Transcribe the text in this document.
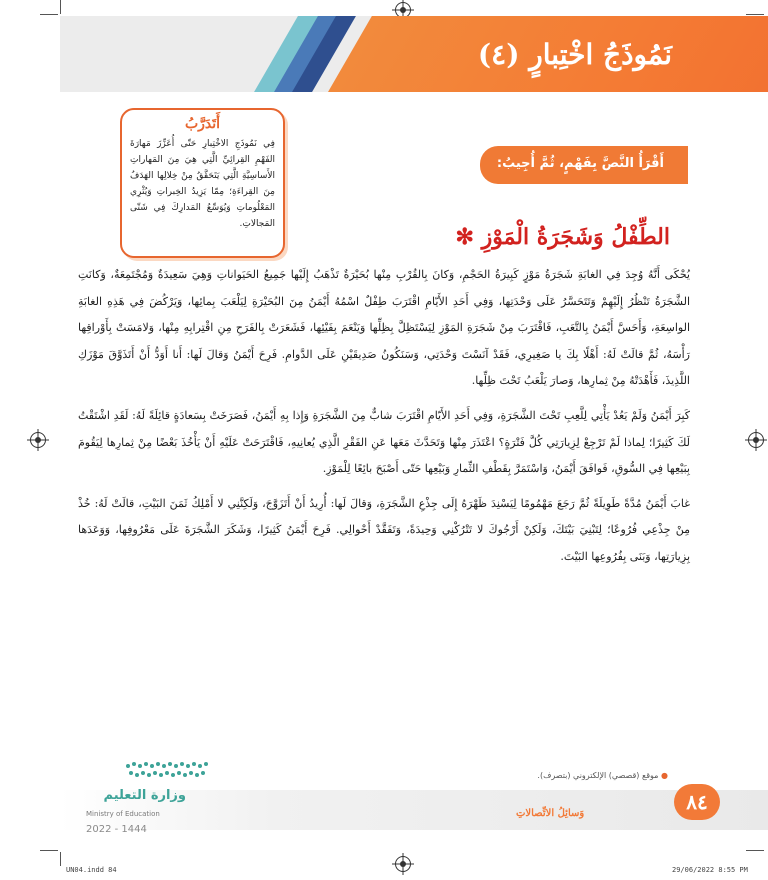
نَمُوذَجُ اخْتِبارٍ (٤)
أَتَدَرَّبُ

فِي نَمُوذَجِ الاخْتِبارِ حَتّى أُعَزِّزَ مَهارَةَ الفَهْمِ القِرائِيِّ الَّتِي هِيَ مِنَ المَهاراتِ الأَساسِيَّةِ الَّتِي يَتَحَقَّقُ مِنْ خِلالِها الهَدَفُ مِنَ القِراءَةِ؛ مِمّا يَزِيدُ الخِبراتِ وَيُثْرِي المَعْلُوماتِ وَيُوَسِّعُ المَدارِكَ فِي شَتّى المَجالاتِ.

أَقْرَأُ النَّصَّ بِفَهْمٍ، ثُمَّ أُجِيبُ:
الطِّفْلُ وَشَجَرَةُ الْمَوْزِ ✻

يُحْكَى أَنَّهُ وُجِدَ فِي الغابَةِ شَجَرَةُ مَوْزٍ كَبِيرَةُ الحَجْمِ، وَكانَ بِالقُرْبِ مِنْها بُحَيْرَةٌ تَذْهَبُ إِلَيْها جَمِيعُ الحَيَواناتِ وَهِيَ سَعِيدَةٌ وَمُجْتَمِعَةٌ، وَكانَتِ الشَّجَرَةُ تَنْظُرُ إِلَيْهِمْ وَتَتَحَسَّرُ عَلَى وَحْدَتِها، وَفِي أَحَدِ الأَيّامِ اقْتَرَبَ طِفْلٌ اسْمُهُ أَيْمَنُ مِنَ البُحَيْرَةِ لِيَلْعَبَ بِمائِها، وَيَرْكُضَ فِي هَذِهِ الغابَةِ الواسِعَةِ، وَأَحَسَّ أَيْمَنُ بِالتَّعَبِ، فَاقْتَرَبَ مِنْ شَجَرَةِ المَوْزِ لِيَسْتَظِلَّ بِظِلِّها وَيَنْعَمَ بِفَيْئِها، فَشَعَرَتْ بِالفَرَحِ مِنِ اقْتِرابِهِ مِنْها، وَلامَسَتْ بِأَوْراقِها رَأْسَهُ، ثُمَّ قالَتْ لَهُ: أَهْلًا بِكَ يا صَغِيرِي، فَقَدْ آنَسْتَ وَحْدَتِي، وَسَنَكُونُ صَدِيقَيْنِ عَلَى الدَّوامِ. فَرِحَ أَيْمَنُ وَقالَ لَها: أَنا أَوَدُّ أَنْ أَتَذَوَّقَ مَوْزَكِ اللَّذِيذَ، فَأَهْدَتْهُ مِنْ ثِمارِها، وَصارَ يَلْعَبُ تَحْتَ ظِلِّها.

كَبِرَ أَيْمَنُ وَلَمْ يَعُدْ يَأْتِي لِلَّعِبِ تَحْتَ الشَّجَرَةِ، وَفِي أَحَدِ الأَيّامِ اقْتَرَبَ شابٌّ مِنَ الشَّجَرَةِ وَإِذا بِهِ أَيْمَنُ، فَصَرَخَتْ بِسَعادَةٍ قائِلَةً لَهُ: لَقَدِ اشْتَقْتُ لَكَ كَثِيرًا؛ لِماذا لَمْ تَرْجِعْ لِزِيارَتِي كُلَّ فَتْرَةٍ؟ اعْتَذَرَ مِنْها وَتَحَدَّثَ مَعَها عَنِ الفَقْرِ الَّذِي يُعانِيهِ، فَاقْتَرَحَتْ عَلَيْهِ أَنْ يَأْخُذَ بَعْضًا مِنْ ثِمارِها لِيَقُومَ بِبَيْعِها فِي السُّوقِ، فَوافَقَ أَيْمَنُ، وَاسْتَمَرَّ بِقَطْفِ الثِّمارِ وَبَيْعِها حَتّى أَصْبَحَ بائِعًا لِلْمَوْزِ.

غابَ أَيْمَنُ مُدَّةً طَوِيلَةً ثُمَّ رَجَعَ مَهْمُومًا لِيَسْنِدَ ظَهْرَهُ إِلَى جِذْعِ الشَّجَرَةِ، وَقالَ لَها: أُرِيدُ أَنْ أَتَزَوَّجَ، وَلَكِنَّنِي لا أَمْلِكُ ثَمَنَ البَيْتِ، قالَتْ لَهُ: خُذْ مِنْ جِذْعِي فُرُوعًا؛ لِتَبْنِيَ بَيْتَكَ، وَلَكِنْ أَرْجُوكَ لا تَتْرُكْنِي وَحِيدَةً، وَتَفَقَّدْ أَحْوالِي. فَرِحَ أَيْمَنُ كَثِيرًا، وَشَكَرَ الشَّجَرَةَ عَلَى مَعْرُوفِها، وَوَعَدَها بِزِيارَتِها، وَبَنَى بِفُرُوعِها البَيْتَ.

● موقع (قصصي) الإلكتروني (بتصرف).
٨٤
وَسائِلُ الاتِّصالاتِ
وزارة التعليم
Ministry of Education
2022 - 1444
UN04.indd 84	29/06/2022 8:55 PM
